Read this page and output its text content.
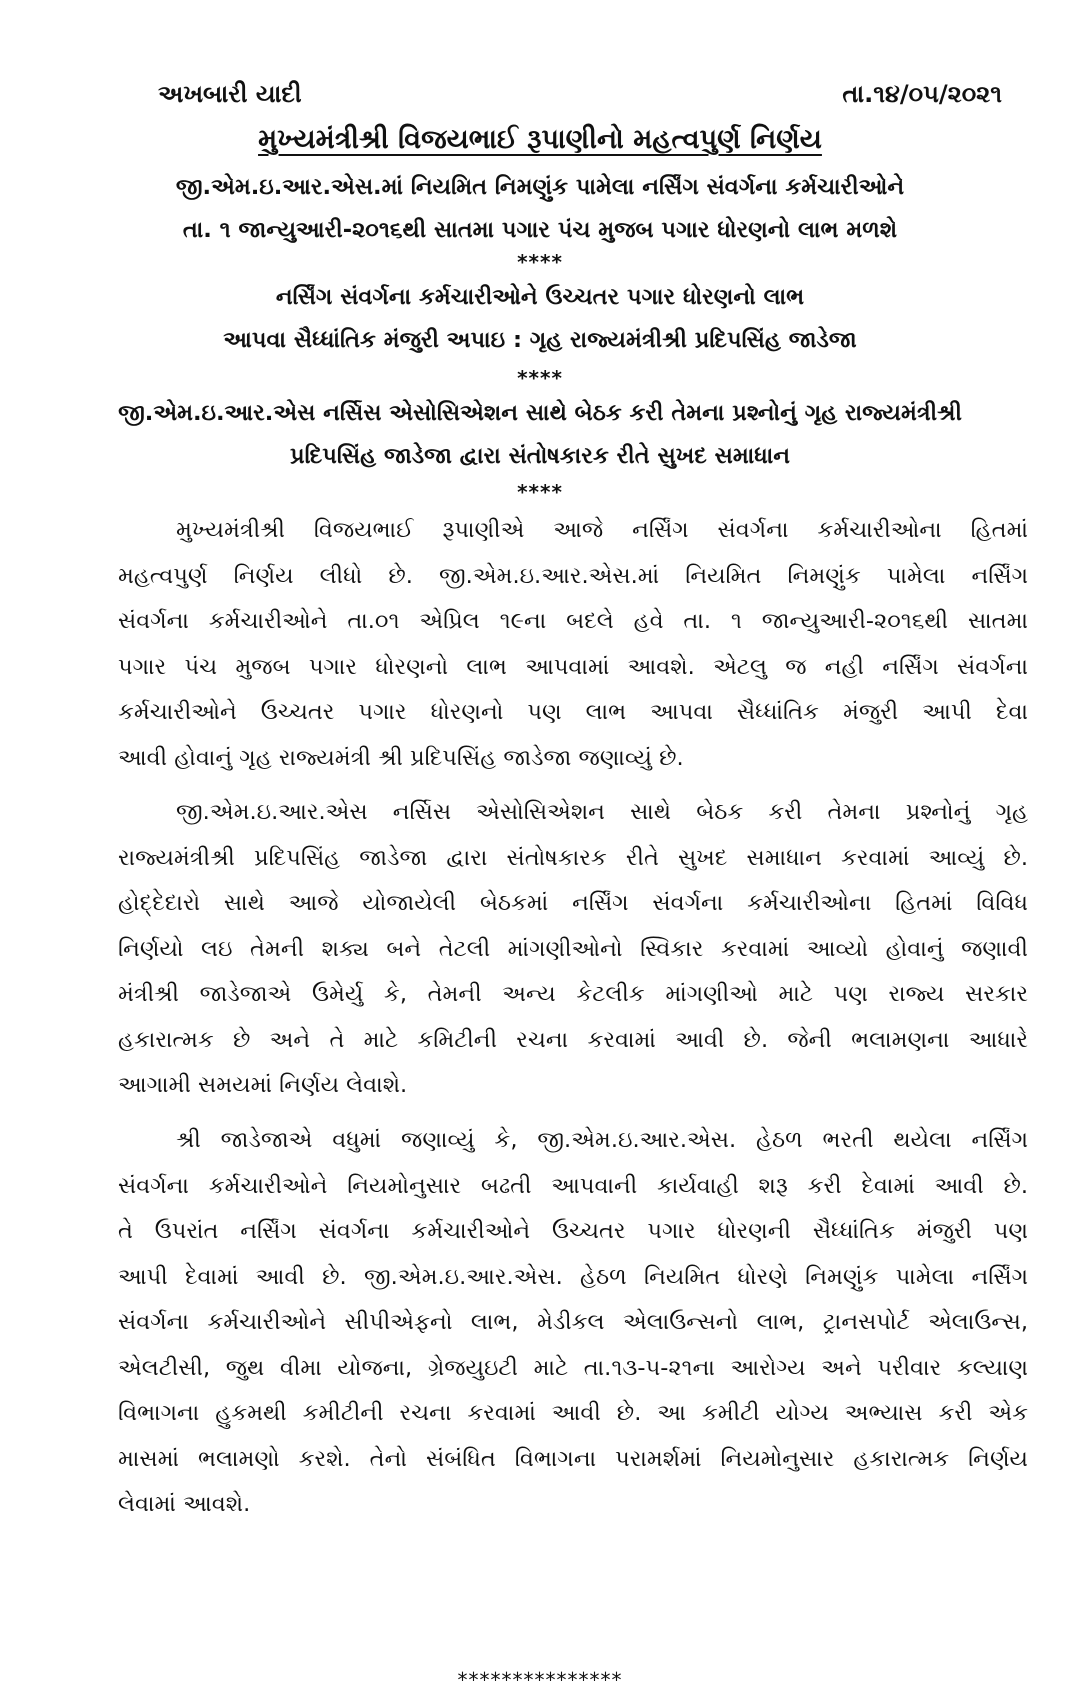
અખબારી યાદી	તા.૧૪/૦૫/૨૦૨૧
મુખ્યમંત્રીશ્રી વિજયભાઈ રૂપાણીનો મહત્વપુર્ણ નિર્ણય
જી.એમ.ઇ.આર.એસ.માં નિયમિત નિમણુંક પામેલા નર્સિંગ સંવર્ગના કર્મચારીઓને
તા. ૧ જાન્યુઆરી-૨૦૧૬થી સાતમા પગાર પંચ મુજબ પગાર ધોરણનો લાભ મળશે
****
નર્સિંગ સંવર્ગના કર્મચારીઓને ઉચ્ચતર પગાર ધોરણનો લાભ
આપવા સૈધ્ધાંતિક મંજુરી અપાઇ : ગૃહ રાજ્યમંત્રીશ્રી પ્રદિપસિંહ જાડેજા
****
જી.એમ.ઇ.આર.એસ નર્સિસ એસોસિએશન સાથે બેઠક કરી તેમના પ્રશ્નોનું ગૃહ રાજ્યમંત્રીશ્રી
પ્રદિપસિંહ જાડેજા દ્વારા સંતોષકારક રીતે સુખદ સમાધાન
****
મુખ્યમંત્રીશ્રી વિજયભાઈ રૂપાણીએ આજે નર્સિંગ સંવર્ગના કર્મચારીઓના હિતમાં
મહત્વપુર્ણ નિર્ણય લીધો છે. જી.એમ.ઇ.આર.એસ.માં નિયમિત નિમણુંક પામેલા નર્સિંગ
સંવર્ગના કર્મચારીઓને તા.૦૧ એપ્રિલ ૧૯ના બદલે હવે તા. ૧ જાન્યુઆરી-૨૦૧૬થી સાતમા
પગાર પંચ મુજબ પગાર ધોરણનો લાભ આપવામાં આવશે. એટલુ જ નહી નર્સિંગ સંવર્ગના
કર્મચારીઓને ઉચ્ચતર પગાર ધોરણનો પણ લાભ આપવા સૈધ્ધાંતિક મંજુરી આપી દેવા
આવી હોવાનું ગૃહ રાજ્યમંત્રી શ્રી પ્રદિપસિંહ જાડેજા જણાવ્યું છે.
જી.એમ.ઇ.આર.એસ નર્સિસ એસોસિએશન સાથે બેઠક કરી તેમના પ્રશ્નોનું ગૃહ
રાજ્યમંત્રીશ્રી પ્રદિપસિંહ જાડેજા દ્વારા સંતોષકારક રીતે સુખદ સમાધાન કરવામાં આવ્યું છે.
હોદ્દેદારો સાથે આજે યોજાયેલી બેઠકમાં નર્સિંગ સંવર્ગના કર્મચારીઓના હિતમાં વિવિધ
નિર્ણયો લઇ તેમની શક્ય બને તેટલી માંગણીઓનો સ્વિકાર કરવામાં આવ્યો હોવાનું જણાવી
મંત્રીશ્રી જાડેજાએ ઉમેર્યુ કે, તેમની અન્ય કેટલીક માંગણીઓ માટે પણ રાજ્ય સરકાર
હકારાત્મક છે અને તે માટે કમિટીની રચના કરવામાં આવી છે. જેની ભલામણના આધારે
આગામી સમયમાં નિર્ણય લેવાશે.
શ્રી જાડેજાએ વધુમાં જણાવ્યું કે, જી.એમ.ઇ.આર.એસ. હેઠળ ભરતી થયેલા નર્સિંગ
સંવર્ગના કર્મચારીઓને નિયમોનુસાર બઢતી આપવાની કાર્યવાહી શરૂ કરી દેવામાં આવી છે.
તે ઉપરાંત નર્સિંગ સંવર્ગના કર્મચારીઓને ઉચ્ચતર પગાર ધોરણની સૈધ્ધાંતિક મંજુરી પણ
આપી દેવામાં આવી છે. જી.એમ.ઇ.આર.એસ. હેઠળ નિયમિત ધોરણે નિમણુંક પામેલા નર્સિંગ
સંવર્ગના કર્મચારીઓને સીપીએફનો લાભ, મેડીકલ એલાઉન્સનો લાભ, ટ્રાનસપોર્ટ એલાઉન્સ,
એલટીસી, જુથ વીમા યોજના, ગ્રેજયુઇટી માટે તા.૧૩-૫-૨૧ના આરોગ્ય અને પરીવાર કલ્યાણ
વિભાગના હુકમથી કમીટીની રચના કરવામાં આવી છે. આ કમીટી યોગ્ય અભ્યાસ કરી એક
માસમાં ભલામણો કરશે. તેનો સંબંધિત વિભાગના પરામર્શમાં નિયમોનુસાર હકારાત્મક નિર્ણય
લેવામાં આવશે.
***************
